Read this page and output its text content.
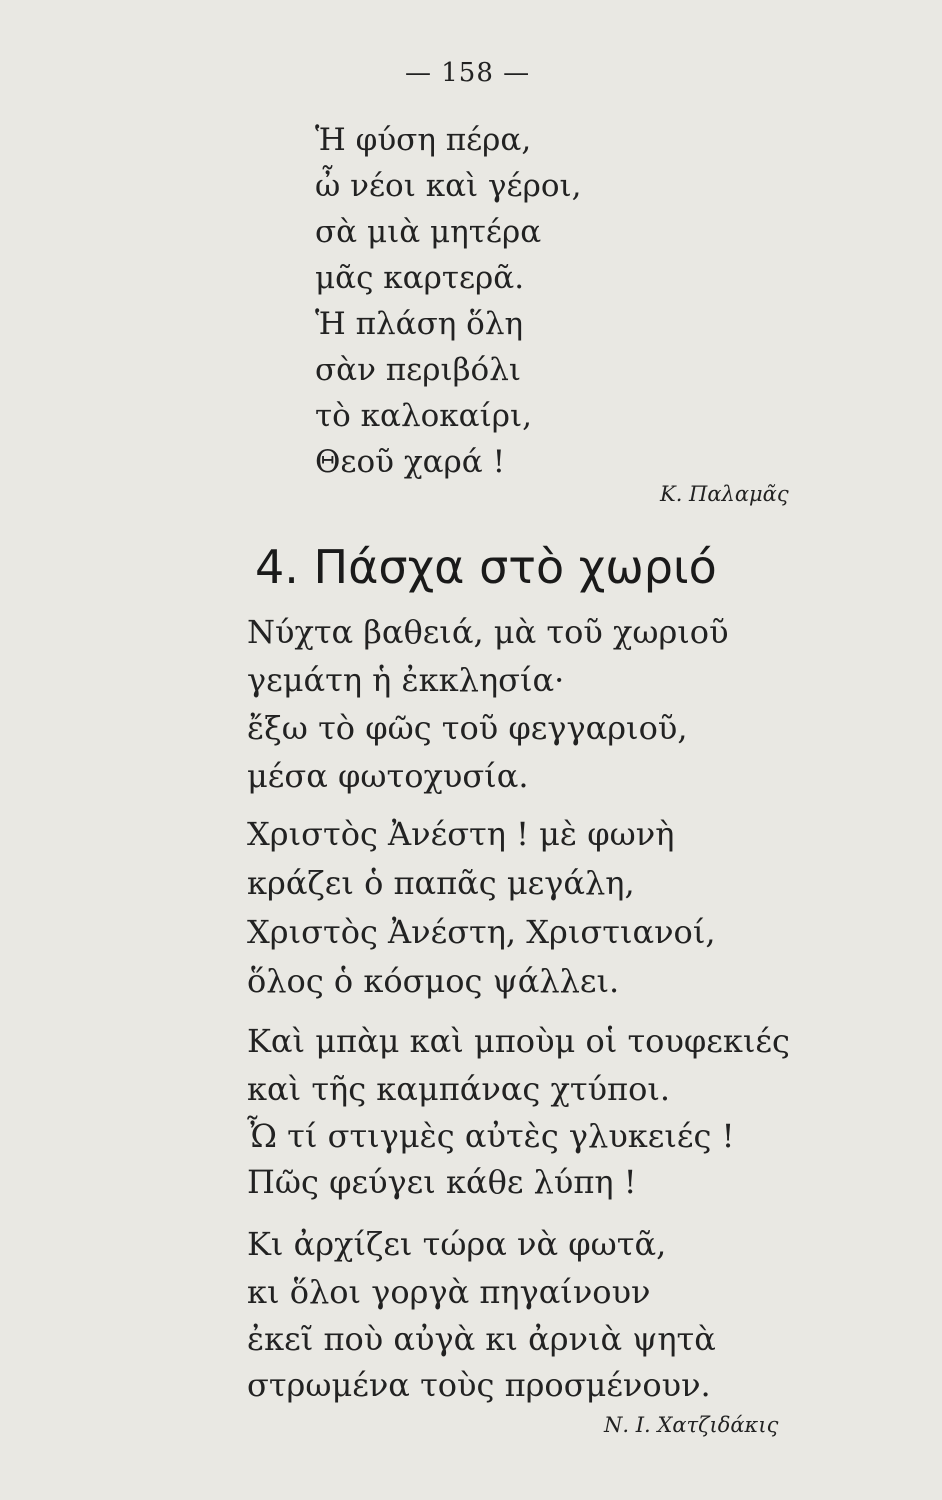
— 158 —
Ἡ φύση πέρα,
ὦ νέοι καὶ γέροι,
σὰ μιὰ μητέρα
μᾶς καρτερᾶ.
Ἡ πλάση ὅλη
σὰν περιβόλι
τὸ καλοκαίρι,
Θεοῦ χαρά !
Κ. Παλαμᾶς
4. Πάσχα στὸ χωριό
Νύχτα βαθειά, μὰ τοῦ χωριοῦ
γεμάτη ἡ ἐκκλησία·
ἔξω τὸ φῶς τοῦ φεγγαριοῦ,
μέσα φωτοχυσία.
Χριστὸς Ἀνέστη ! μὲ φωνὴ
κράζει ὁ παπᾶς μεγάλη,
Χριστὸς Ἀνέστη, Χριστιανοί,
ὅλος ὁ κόσμος ψάλλει.
Καὶ μπὰμ καὶ μποὺμ οἱ τουφεκιές
καὶ τῆς καμπάνας χτύποι.
Ὦ τί στιγμὲς αὐτὲς γλυκειές !
Πῶς φεύγει κάθε λύπη !
Κι ἀρχίζει τώρα νὰ φωτᾶ,
κι ὅλοι γοργὰ πηγαίνουν
ἐκεῖ ποὺ αὐγὰ κι ἀρνιὰ ψητὰ
στρωμένα τοὺς προσμένουν.
Ν. Ι. Χατζιδάκις
